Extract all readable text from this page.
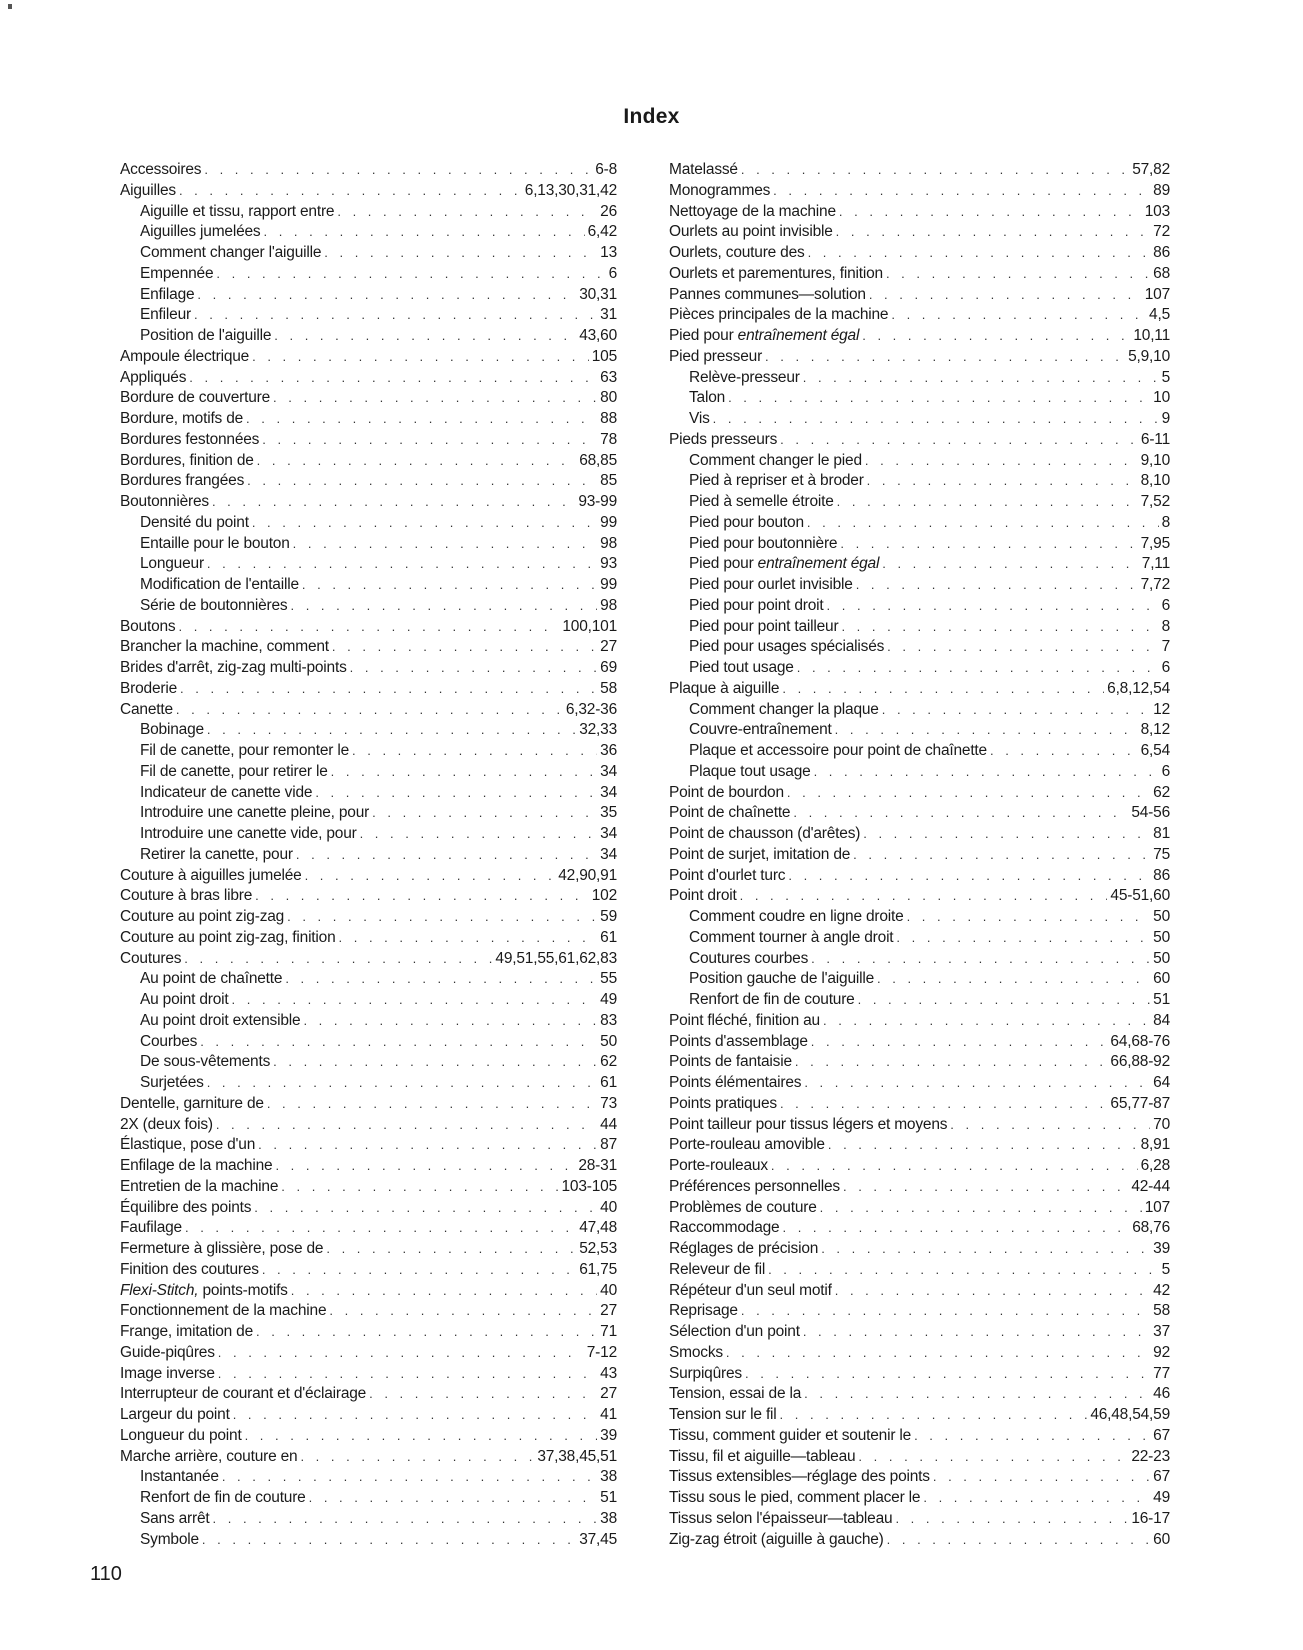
Index
Accessoires . . .	6-8
Aiguilles . . .	6,13,30,31,42
Aiguille et tissu, rapport entre . . .	26
Aiguilles jumelées . . .	6,42
Comment changer l'aiguille . . .	13
Empennée . . .	6
Enfilage . . .	30,31
Enfileur . . .	31
Position de l'aiguille . . .	43,60
Ampoule électrique . . .	105
Appliqués . . .	63
Bordure de couverture . . .	80
Bordure, motifs de . . .	88
Bordures festonnées . . .	78
Bordures, finition de . . .	68,85
Bordures frangées . . .	85
Boutonnières . . .	93-99
Densité du point . . .	99
Entaille pour le bouton . . .	98
Longueur . . .	93
Modification de l'entaille . . .	99
Série de boutonnières . . .	98
Boutons . . .	100,101
Brancher la machine, comment . . .	27
Brides d'arrêt, zig-zag multi-points . . .	69
Broderie . . .	58
Canette . . .	6,32-36
Bobinage . . .	32,33
Fil de canette, pour remonter le . . .	36
Fil de canette, pour retirer le . . .	34
Indicateur de canette vide . . .	34
Introduire une canette pleine, pour . . .	35
Introduire une canette vide, pour . . .	34
Retirer la canette, pour . . .	34
Couture à aiguilles jumelée . . .	42,90,91
Couture à bras libre . . .	102
Couture au point zig-zag . . .	59
Couture au point zig-zag, finition . . .	61
Coutures . . .	49,51,55,61,62,83
Au point de chaînette . . .	55
Au point droit . . .	49
Au point droit extensible . . .	83
Courbes . . .	50
De sous-vêtements . . .	62
Surjetées . . .	61
Dentelle, garniture de . . .	73
2X (deux fois) . . .	44
Élastique, pose d'un . . .	87
Enfilage de la machine . . .	28-31
Entretien de la machine . . .	103-105
Équilibre des points . . .	40
Faufilage . . .	47,48
Fermeture à glissière, pose de . . .	52,53
Finition des coutures . . .	61,75
Flexi-Stitch, points-motifs . . .	40
Fonctionnement de la machine . . .	27
Frange, imitation de . . .	71
Guide-piqûres . . .	7-12
Image inverse . . .	43
Interrupteur de courant et d'éclairage . . .	27
Largeur du point . . .	41
Longueur du point . . .	39
Marche arrière, couture en . . .	37,38,45,51
Instantanée . . .	38
Renfort de fin de couture . . .	51
Sans arrêt . . .	38
Symbole . . .	37,45
Matelassé . . .	57,82
Monogrammes . . .	89
Nettoyage de la machine . . .	103
Ourlets au point invisible . . .	72
Ourlets, couture des . . .	86
Ourlets et parementures, finition . . .	68
Pannes communes—solution . . .	107
Pièces principales de la machine . . .	4,5
Pied pour entraînement égal . . .	10,11
Pied presseur . . .	5,9,10
Relève-presseur . . .	5
Talon . . .	10
Vis . . .	9
Pieds presseurs . . .	6-11
Comment changer le pied . . .	9,10
Pied à repriser et à broder . . .	8,10
Pied à semelle étroite . . .	7,52
Pied pour bouton . . .	8
Pied pour boutonnière . . .	7,95
Pied pour entraînement égal . . .	7,11
Pied pour ourlet invisible . . .	7,72
Pied pour point droit . . .	6
Pied pour point tailleur . . .	8
Pied pour usages spécialisés . . .	7
Pied tout usage . . .	6
Plaque à aiguille . . .	6,8,12,54
Comment changer la plaque . . .	12
Couvre-entraînement . . .	8,12
Plaque et accessoire pour point de chaînette . . .	6,54
Plaque tout usage . . .	6
Point de bourdon . . .	62
Point de chaînette . . .	54-56
Point de chausson (d'arêtes) . . .	81
Point de surjet, imitation de . . .	75
Point d'ourlet turc . . .	86
Point droit . . .	45-51,60
Comment coudre en ligne droite . . .	50
Comment tourner à angle droit . . .	50
Coutures courbes . . .	50
Position gauche de l'aiguille . . .	60
Renfort de fin de couture . . .	51
Point fléché, finition au . . .	84
Points d'assemblage . . .	64,68-76
Points de fantaisie . . .	66,88-92
Points élémentaires . . .	64
Points pratiques . . .	65,77-87
Point tailleur pour tissus légers et moyens . . .	70
Porte-rouleau amovible . . .	8,91
Porte-rouleaux . . .	6,28
Préférences personnelles . . .	42-44
Problèmes de couture . . .	107
Raccommodage . . .	68,76
Réglages de précision . . .	39
Releveur de fil . . .	5
Répéteur d'un seul motif . . .	42
Reprisage . . .	58
Sélection d'un point . . .	37
Smocks . . .	92
Surpiqûres . . .	77
Tension, essai de la . . .	46
Tension sur le fil . . .	46,48,54,59
Tissu, comment guider et soutenir le . . .	67
Tissu, fil et aiguille—tableau . . .	22-23
Tissus extensibles—réglage des points . . .	67
Tissu sous le pied, comment placer le . . .	49
Tissus selon l'épaisseur—tableau . . .	16-17
Zig-zag étroit (aiguille à gauche) . . .	60
110
